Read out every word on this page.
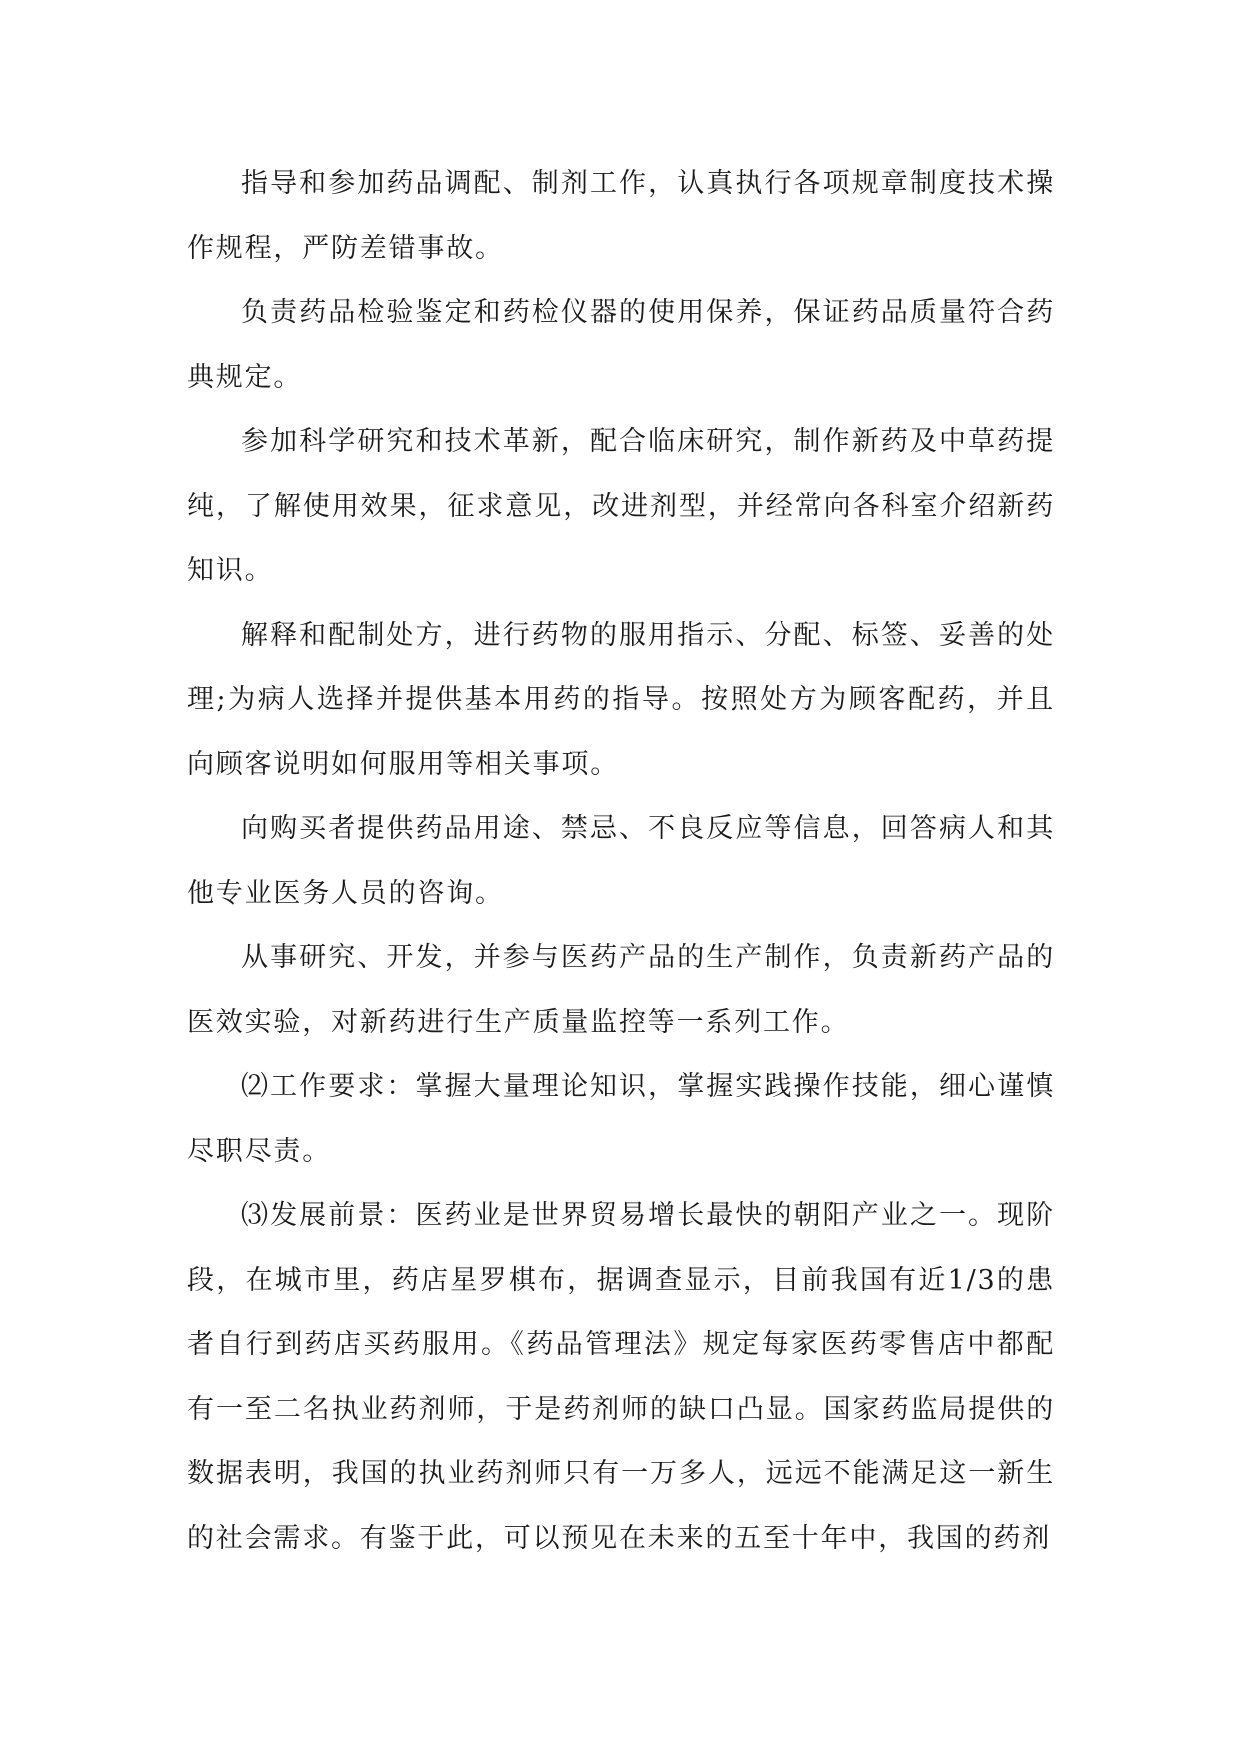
指导和参加药品调配、制剂工作，认真执行各项规章制度技术操作规程，严防差错事故。

负责药品检验鉴定和药检仪器的使用保养，保证药品质量符合药典规定。

参加科学研究和技术革新，配合临床研究，制作新药及中草药提纯，了解使用效果，征求意见，改进剂型，并经常向各科室介绍新药知识。

解释和配制处方，进行药物的服用指示、分配、标签、妥善的处理;为病人选择并提供基本用药的指导。按照处方为顾客配药，并且向顾客说明如何服用等相关事项。

向购买者提供药品用途、禁忌、不良反应等信息，回答病人和其他专业医务人员的咨询。

从事研究、开发，并参与医药产品的生产制作，负责新药产品的医效实验，对新药进行生产质量监控等一系列工作。

⑵工作要求：掌握大量理论知识，掌握实践操作技能，细心谨慎尽职尽责。

⑶发展前景：医药业是世界贸易增长最快的朝阳产业之一。现阶段，在城市里，药店星罗棋布，据调查显示，目前我国有近1/3的患者自行到药店买药服用。《药品管理法》规定每家医药零售店中都配有一至二名执业药剂师，于是药剂师的缺口凸显。国家药监局提供的数据表明，我国的执业药剂师只有一万多人，远远不能满足这一新生的社会需求。有鉴于此，可以预见在未来的五至十年中，我国的药剂
